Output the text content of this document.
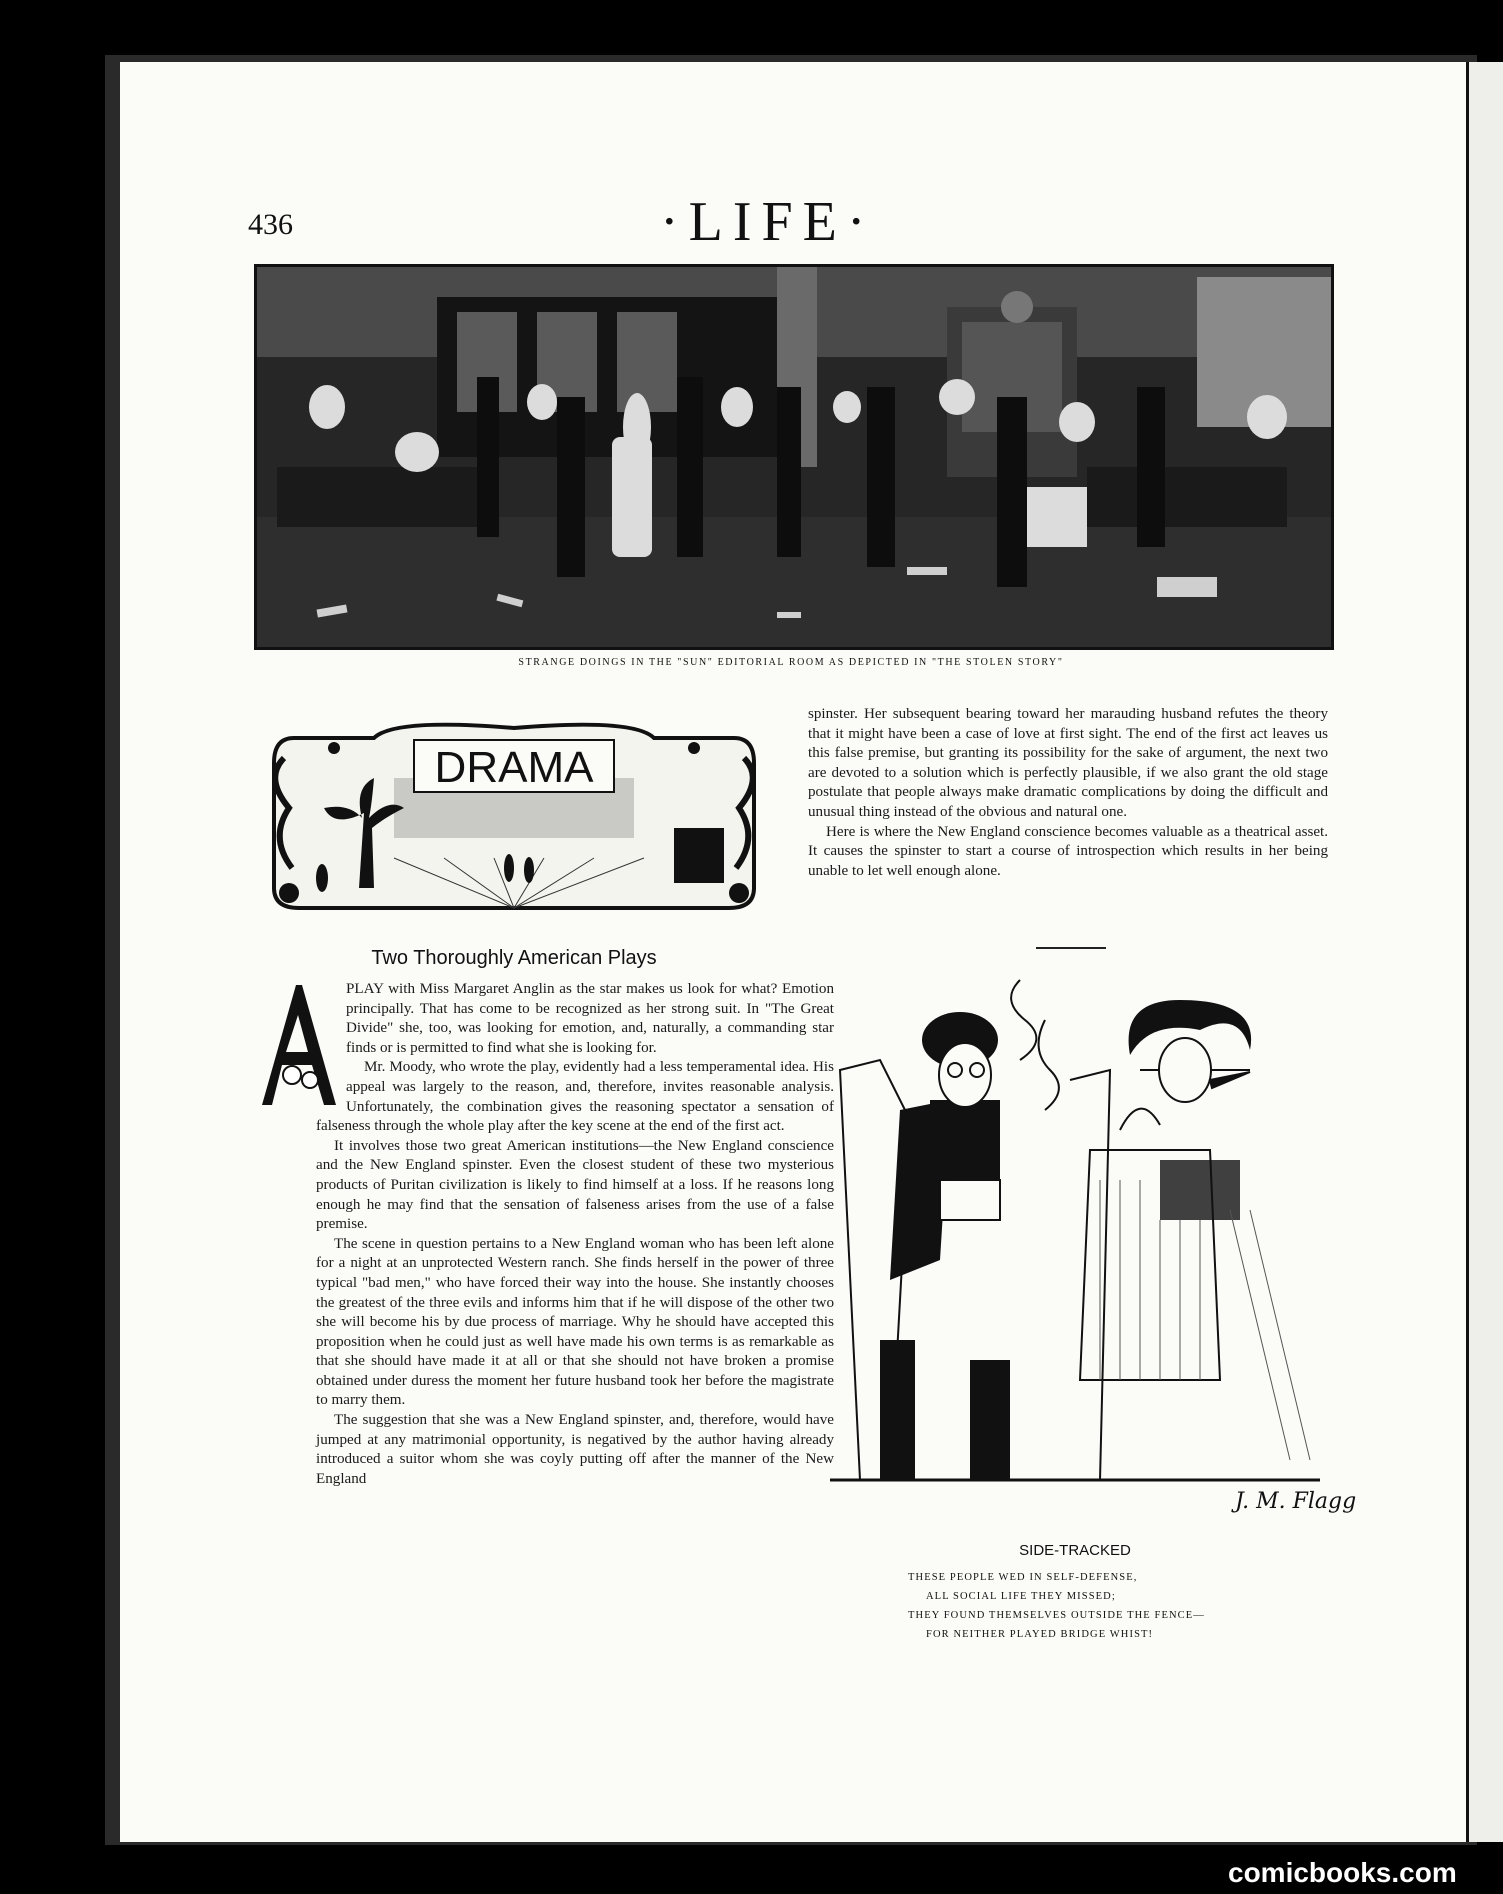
436	·LIFE·
STRANGE DOINGS IN THE "SUN" EDITORIAL ROOM AS DEPICTED IN "THE STOLEN STORY"
DRAMA
Two Thoroughly American Plays
A

PLAY with Miss Margaret Anglin as the star makes us look for what? Emotion principally. That has come to be recognized as her strong suit. In "The Great Divide" she, too, was looking for emotion, and, naturally, a commanding star finds or is permitted to find what she is looking for.

Mr. Moody, who wrote the play, evidently had a less temperamental idea. His appeal was largely to the reason, and, therefore, invites reasonable analysis. Unfortunately, the combination gives the reasoning spectator a sensation of falseness through the whole play after the key scene at the end of the first act.

It involves those two great American institutions—the New England conscience and the New England spinster. Even the closest student of these two mysterious products of Puritan civilization is likely to find himself at a loss. If he reasons long enough he may find that the sensation of falseness arises from the use of a false premise.

The scene in question pertains to a New England woman who has been left alone for a night at an unprotected Western ranch. She finds herself in the power of three typical "bad men," who have forced their way into the house. She instantly chooses the greatest of the three evils and informs him that if he will dispose of the other two she will become his by due process of marriage. Why he should have accepted this proposition when he could just as well have made his own terms is as remarkable as that she should have made it at all or that she should not have broken a promise obtained under duress the moment her future husband took her before the magistrate to marry them.

The suggestion that she was a New England spinster, and, therefore, would have jumped at any matrimonial opportunity, is negatived by the author having already introduced a suitor whom she was coyly putting off after the manner of the New England

spinster. Her subsequent bearing toward her marauding husband refutes the theory that it might have been a case of love at first sight. The end of the first act leaves us this false premise, but granting its possibility for the sake of argument, the next two are devoted to a solution which is perfectly plausible, if we also grant the old stage postulate that people always make dramatic complications by doing the difficult and unusual thing instead of the obvious and natural one.

Here is where the New England conscience becomes valuable as a theatrical asset. It causes the spinster to start a course of introspection which results in her being unable to let well enough alone.

J. M. Flagg
SIDE-TRACKED
THESE PEOPLE WED IN SELF-DEFENSE,
ALL SOCIAL LIFE THEY MISSED;
THEY FOUND THEMSELVES OUTSIDE THE FENCE—
FOR NEITHER PLAYED BRIDGE WHIST!
comicbooks.com
